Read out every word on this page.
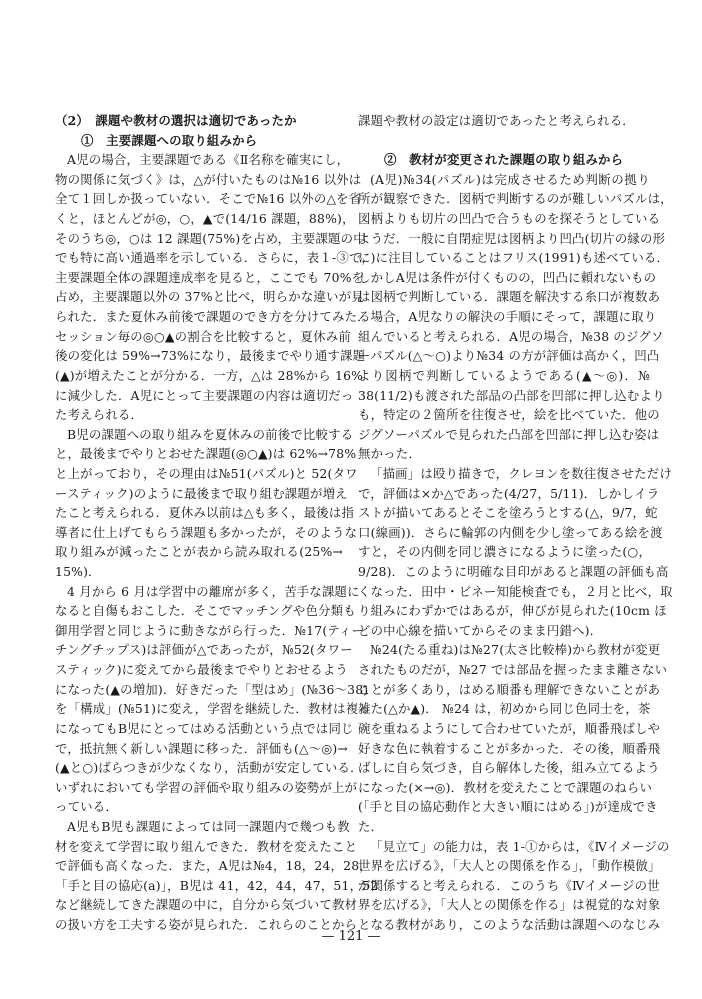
（2）　課題や教材の選択は適切であったか
①　主要課題への取り組みから
A児の場合，主要課題である《Ⅱ名称を確実にし，
物の関係に気づく》は，△が付いたものは№16 以外は
全て１回しか扱っていない．そこで№16 以外の△を省
くと，ほとんどが◎，○，▲で(14/16 課題，88%)，
そのうち◎，○は 12 課題(75%)を占め，主要課題の中
でも特に高い通過率を示している．さらに，表１-③で，
主要課題全体の課題達成率を見ると，ここでも 70%を
占め，主要課題以外の 37%と比べ，明らかな違いが見
られた．また夏休み前後で課題のでき方を分けてみた．
セッション毎の◎○▲の割合を比較すると，夏休み前
後の変化は 59%→73%になり，最後までやり通す課題
(▲)が増えたことが分かる．一方，△は 28%から 16%
に減少した．A児にとって主要課題の内容は適切だっ
た考えられる．
B児の課題への取り組みを夏休みの前後で比較する
と，最後までやりとおせた課題(◎○▲)は 62%→78%
と上がっており，その理由は№51(パズル)と 52(タワ
ースティック)のように最後まで取り組む課題が増え
たこと考えられる．夏休み以前は△も多く，最後は指
導者に仕上げてもらう課題も多かったが，そのような
取り組みが減ったことが表から読み取れる(25%→
15%)．
4 月から 6 月は学習中の離席が多く，苦手な課題に
なると自傷もおこした．そこでマッチングや色分類も
御用学習と同じように動きながら行った．№17(ティー
チングチップス)は評価が△であったが，№52(タワー
スティック)に変えてから最後までやりとおせるよう
になった(▲の増加)．好きだった「型はめ」(№36〜38)
を「構成」(№51)に変え，学習を継続した．教材は複雑
になってもB児にとってはめる活動という点では同じ
で，抵抗無く新しい課題に移った．評価も(△〜◎)→
(▲と○)ばらつきが少なくなり，活動が安定している．
いずれにおいても学習の評価や取り組みの姿勢が上が
っている．
A児もB児も課題によっては同一課題内で幾つも教
材を変えて学習に取り組んできた．教材を変えたこと
で評価も高くなった．また，A児は№4，18，24，28，
「手と目の協応(a)」，B児は 41，42，44，47，51，52
など継続してきた課題の中に，自分から気づいて教材
の扱い方を工夫する姿が見られた．これらのことから
課題や教材の設定は適切であったと考えられる．
②　教材が変更された課題の取り組みから
(A児)№34(パズル)は完成させるため判断の拠り
所が観察できた．図柄で判断するのが難しいパズルは，
図柄よりも切片の凹凸で合うものを探そうとしている
ようだ．一般に自閉症児は図柄より凹凸(切片の縁の形
に)に注目していることはフリス(1991)も述べている．
しかしA児は条件が付くものの，凹凸に頼れないもの
は図柄で判断している．課題を解決する糸口が複数あ
る場合，A児なりの解決の手順にそって，課題に取り
組んでいると考えられる．A児の場合，№38 のジグソ
ーパズル(△〜○)より№34 の方が評価は高かく，凹凸
より図柄で判断しているようである(▲〜◎)．№
38(11/2)も渡された部品の凸部を凹部に押し込むより
も，特定の２箇所を往復させ，絵を比べていた．他の
ジグソーパズルで見られた凸部を凹部に押し込む姿は
無かった．
「描画」は殴り描きで，クレヨンを数往復させただけ
で，評価は×か△であった(4/27，5/11)．しかしイラ
ストが描いてあるとそこを塗ろうとする(△，9/7，蛇
口(線画))．さらに輪郭の内側を少し塗ってある絵を渡
すと，その内側を同じ濃さになるように塗った(○，
9/28)．このように明確な目印があると課題の評価も高
くなった．田中・ビネー知能検査でも，２月と比べ，取
り組みにわずかではあるが，伸びが見られた(10cm ほ
どの中心線を描いてからそのまま円錯へ)．
№24(たる重ね)は№27(太さ比較棒)から教材が変更
されたものだが，№27 では部品を握ったまま離さない
ことが多くあり，はめる順番も理解できないことがあ
った(△か▲)． №24 は，初めから同じ色同士を，茶
碗を重ねるようにして合わせていたが，順番飛ばしや
好きな色に執着することが多かった．その後，順番飛
ばしに自ら気づき，自ら解体した後，組み立てるよう
になった(×→◎)．教材を変えたことで課題のねらい
(「手と目の協応動作と大きい順にはめる」)が達成でき
た．
「見立て」の能力は，表 1-①からは，《Ⅳイメージの
世界を広げる》，「大人との関係を作る」，「動作模倣」
が関係すると考えられる．このうち《Ⅳイメージの世
界を広げる》，「大人との関係を作る」は視覚的な対象
となる教材があり，このような活動は課題へのなじみ
— 121 —
